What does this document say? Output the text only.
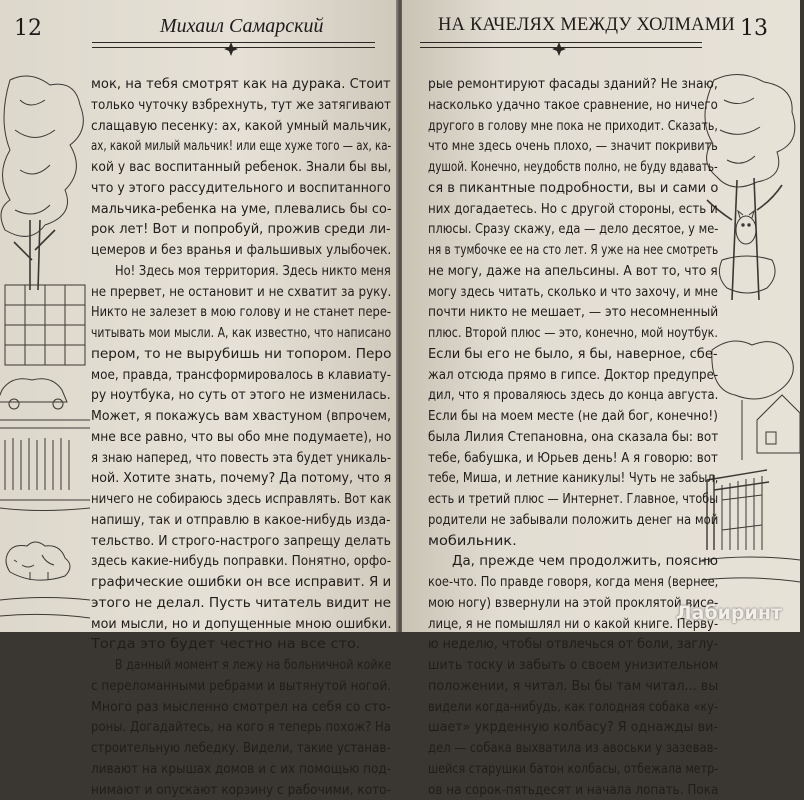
12	Михаил Самарский
мок, на тебя смотрят как на дурака. Стоит
только чуточку взбрехнуть, тут же затягивают
слащавую песенку: ах, какой умный мальчик,
ах, какой милый мальчик! или еще хуже того — ах, ка-
кой у вас воспитанный ребенок. Знали бы вы,
что у этого рассудительного и воспитанного
мальчика-ребенка на уме, плевались бы со-
рок лет! Вот и попробуй, прожив среди ли-
цемеров и без вранья и фальшивых улыбочек.
Но! Здесь моя территория. Здесь никто меня
не прервет, не остановит и не схватит за руку.
Никто не залезет в мою голову и не станет пере-
читывать мои мысли. А, как известно, что написано
пером, то не вырубишь ни топором. Перо
мое, правда, трансформировалось в клавиату-
ру ноутбука, но суть от этого не изменилась.
Может, я покажусь вам хвастуном (впрочем,
мне все равно, что вы обо мне подумаете), но
я знаю наперед, что повесть эта будет уникаль-
ной. Хотите знать, почему? Да потому, что я
ничего не собираюсь здесь исправлять. Вот как
напишу, так и отправлю в какое-нибудь изда-
тельство. И строго-настрого запрещу делать
здесь какие-нибудь поправки. Понятно, орфо-
графические ошибки он все исправит. Я и
этого не делал. Пусть читатель видит не
мои мысли, но и допущенные мною ошибки.
Тогда это будет честно на все сто.
В данный момент я лежу на больничной койке
с переломанными ребрами и вытянутой ногой.
Много раз мысленно смотрел на себя со сто-
роны. Догадайтесь, на кого я теперь похож? На
строительную лебедку. Видели, такие устанав-
ливают на крышах домов и с их помощью под-
нимают и опускают корзину с рабочими, кото-
НА КАЧЕЛЯХ МЕЖДУ ХОЛМАМИ 13
рые ремонтируют фасады зданий? Не знаю,
насколько удачно такое сравнение, но ничего
другого в голову мне пока не приходит. Сказать,
что мне здесь очень плохо, — значит покривить
душой. Конечно, неудобств полно, не буду вдавать-
ся в пикантные подробности, вы и сами о
них догадаетесь. Но с другой стороны, есть и
плюсы. Сразу скажу, еда — дело десятое, у ме-
ня в тумбочке ее на сто лет. Я уже на нее смотреть
не могу, даже на апельсины. А вот то, что я
могу здесь читать, сколько и что захочу, и мне
почти никто не мешает, — это несомненный
плюс. Второй плюс — это, конечно, мой ноутбук.
Если бы его не было, я бы, наверное, сбе-
жал отсюда прямо в гипсе. Доктор предупре-
дил, что я проваляюсь здесь до конца августа.
Если бы на моем месте (не дай бог, конечно!)
была Лилия Степановна, она сказала бы: вот
тебе, бабушка, и Юрьев день! А я говорю: вот
тебе, Миша, и летние каникулы! Чуть не забыл,
есть и третий плюс — Интернет. Главное, чтобы
родители не забывали положить денег на мой
мобильник.
Да, прежде чем продолжить, поясню
кое-что. По правде говоря, когда меня (вернее,
мою ногу) взвернули на этой проклятой висе-
лице, я не помышлял ни о какой книге. Перву-
ю неделю, чтобы отвлечься от боли, заглу-
шить тоску и забыть о своем унизительном
положении, я читал. Вы бы там читал... вы
видели когда-нибудь, как голодная собака «ку-
шает» укрденную колбасу? Я однажды ви-
дел — собака выхватила из авоськи у зазевав-
шейся старушки батон колбасы, отбежала метр-
ов на сорок-пятьдесят и начала лопать. Пока
Лабиринт
